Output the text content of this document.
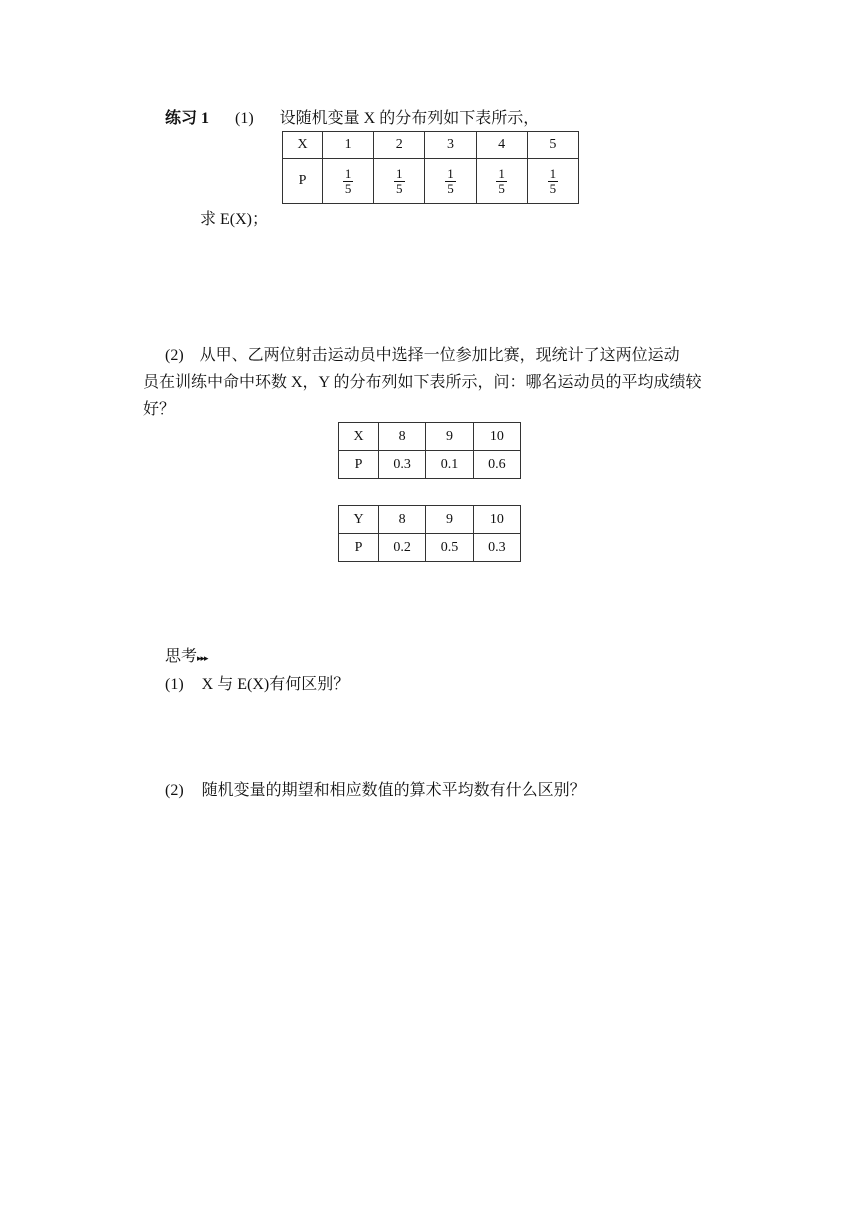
练习 1 (1) 设随机变量 X 的分布列如下表所示，
X	1	2	3	4	5
P	$\frac{1}{5}$	$\frac{1}{5}$	$\frac{1}{5}$	$\frac{1}{5}$	$\frac{1}{5}$
求 E(X)；
(2) 从甲、乙两位射击运动员中选择一位参加比赛，现统计了这两位运动
员在训练中命中环数 X，Y 的分布列如下表所示，问：哪名运动员的平均成绩较
好？
X	8	9	10
P	0.3	0.1	0.6
Y	8	9	10
P	0.2	0.5	0.3
思考▸▸▸
(1) X 与 E(X)有何区别？
(2) 随机变量的期望和相应数值的算术平均数有什么区别？
